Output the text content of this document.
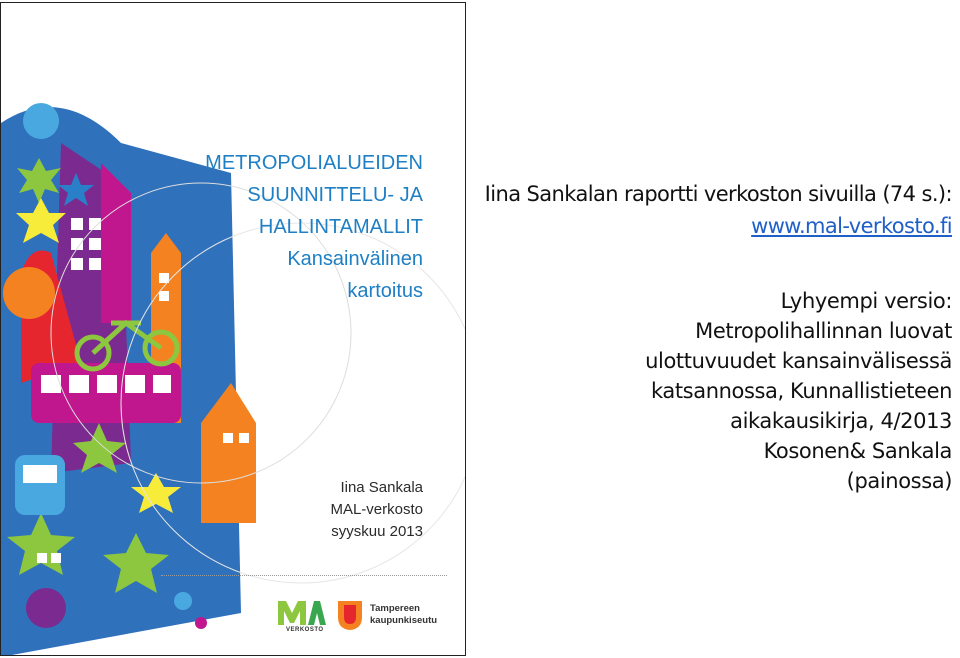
METROPOLIALUEIDEN
SUUNNITTELU- JA
HALLINTAMALLIT
Kansainvälinen
kartoitus
Iina Sankala
MAL-verkosto
syyskuu 2013
VERKOSTO
Tampereen
kaupunkiseutu
Iina Sankalan raportti verkoston sivuilla (74 s.): www.mal-verkosto.fi
Lyhyempi versio:
Metropolihallinnan luovat
ulottuvuudet kansainvälisessä
katsannossa, Kunnallistieteen
aikakausikirja, 4/2013
Kosonen& Sankala
(painossa)
